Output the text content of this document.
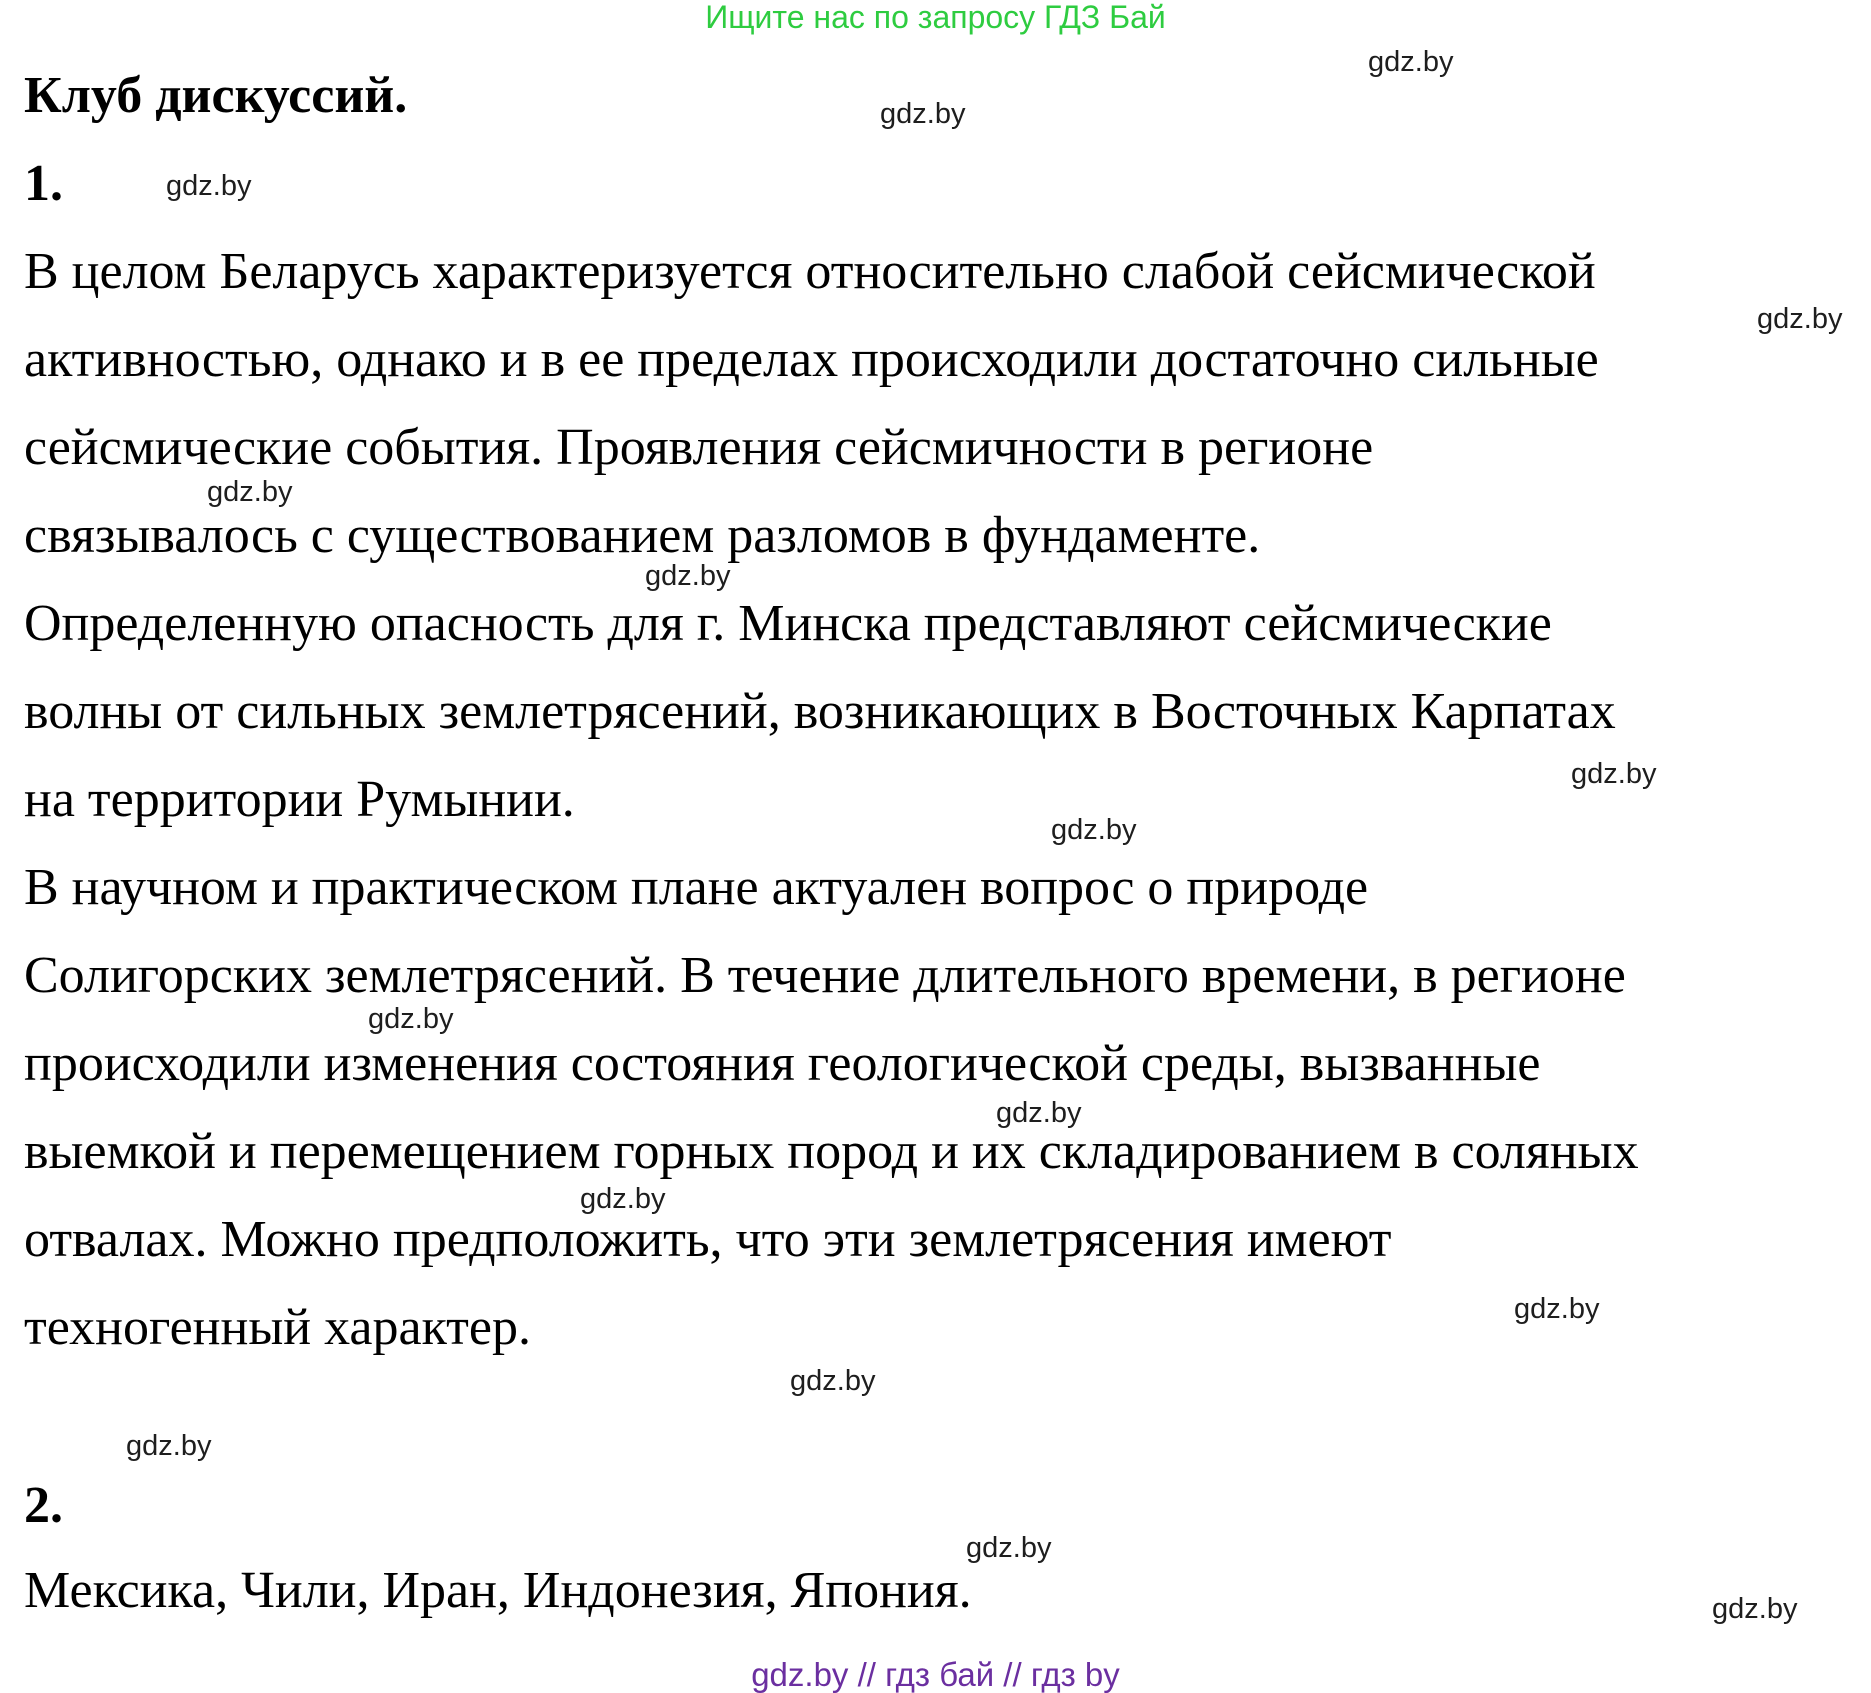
Ищите нас по запросу ГДЗ Бай
Клуб дискуссий.
1.
В целом Беларусь характеризуется относительно слабой сейсмической
активностью, однако и в ее пределах происходили достаточно сильные
сейсмические события. Проявления сейсмичности в регионе
связывалось с существованием разломов в фундаменте.
Определенную опасность для г. Минска представляют сейсмические
волны от сильных землетрясений, возникающих в Восточных Карпатах
на территории Румынии.
В научном и практическом плане актуален вопрос о природе
Солигорских землетрясений. В течение длительного времени, в регионе
происходили изменения состояния геологической среды, вызванные
выемкой и перемещением горных пород и их складированием в соляных
отвалах. Можно предположить, что эти землетрясения имеют
техногенный характер.
2.
Мексика, Чили, Иран, Индонезия, Япония.
gdz.by
gdz.by
gdz.by
gdz.by
gdz.by
gdz.by
gdz.by
gdz.by
gdz.by
gdz.by
gdz.by
gdz.by
gdz.by
gdz.by
gdz.by
gdz.by
gdz.by // гдз бай // гдз by
